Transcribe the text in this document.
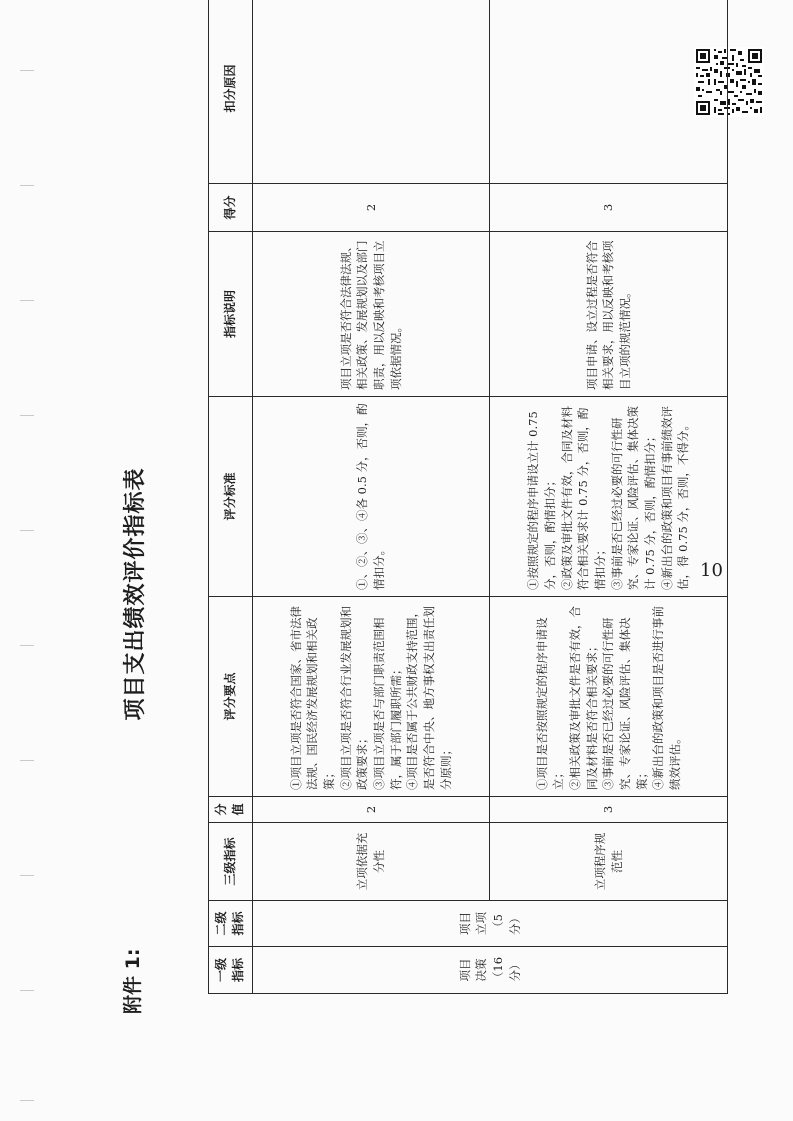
10
附件 1:
项目支出绩效评价指标表
一级指标	二级指标	三级指标	分值	评分要点	评分标准	指标说明	得分	扣分原因
项目决策（16分）	项目立项（5分）	立项依据充分性	2	①项目立项是否符合国家、省市法律法规、国民经济发展规划和相关政策； ②项目立项是否符合行业发展规划和政策要求； ③项目立项是否与部门职责范围相符，属于部门履职所需； ④项目是否属于公共财政支持范围，是否符合中央、地方事权支出责任划分原则；	①、②、③、④各 0.5 分，否则，酌情扣分。	项目立项是否符合法律法规、相关政策、发展规划以及部门职责，用以反映和考核项目立项依据情况。	2	
		立项程序规范性	3	①项目是否按照规定的程序申请设立； ②相关政策及审批文件是否有效，合同及材料是否符合相关要求； ③事前是否已经过必要的可行性研究、专家论证、风险评估、集体决策； ④新出台的政策和项目是否进行事前绩效评估。	①按照规定的程序申请设立计 0.75 分，否则，酌情扣分； ②政策及审批文件有效，合同及材料符合相关要求计 0.75 分，否则，酌情扣分； ③事前是否已经过必要的可行性研究、专家论证、风险评估、集体决策计 0.75 分，否则，酌情扣分； ④新出台的政策和项目有事前绩效评估，得 0.75 分，否则，不得分。	项目申请、设立过程是否符合相关要求，用以反映和考核项目立项的规范情况。	3	
